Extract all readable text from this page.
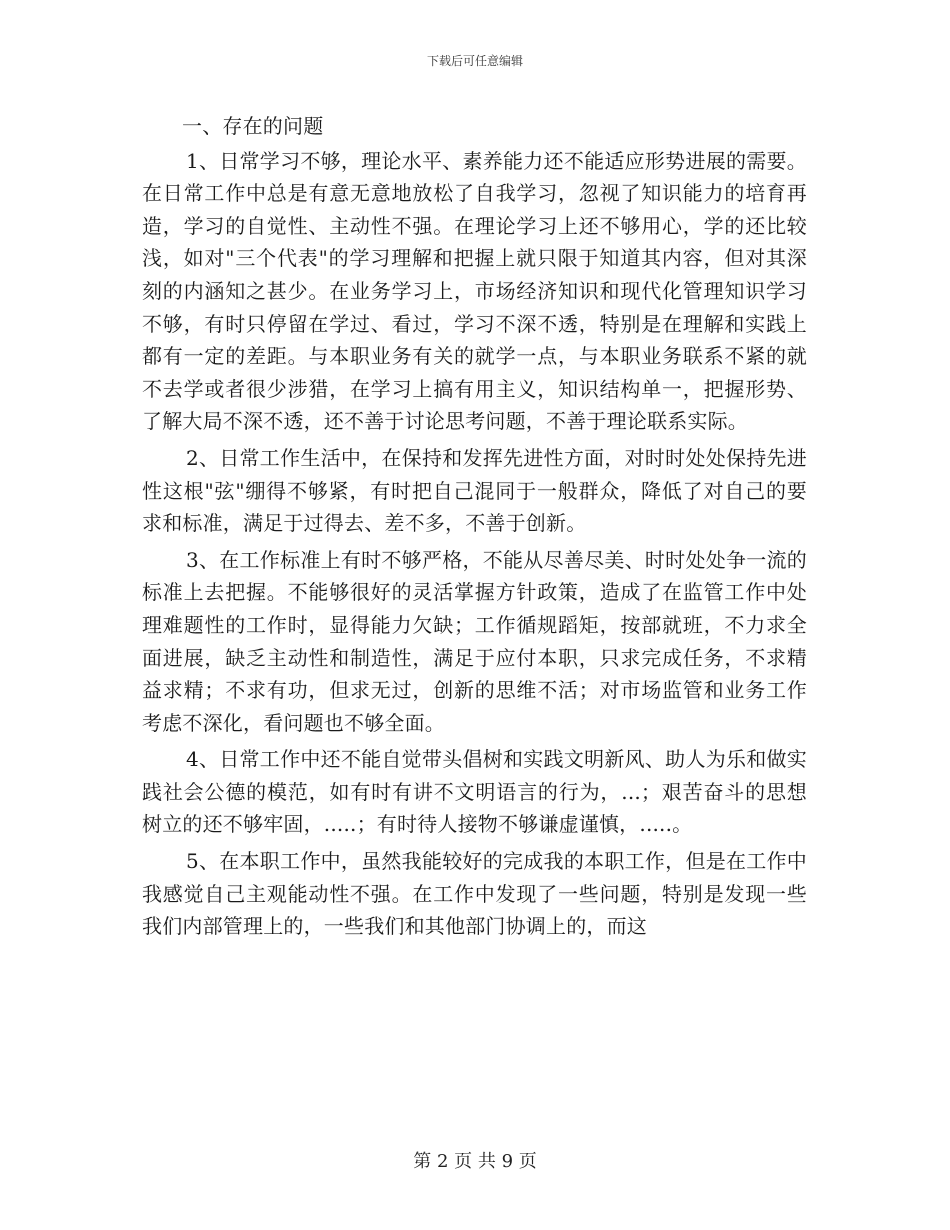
下载后可任意编辑

一、存在的问题

1、日常学习不够，理论水平、素养能力还不能适应形势进展的需要。在日常工作中总是有意无意地放松了自我学习，忽视了知识能力的培育再造，学习的自觉性、主动性不强。在理论学习上还不够用心，学的还比较浅，如对"三个代表"的学习理解和把握上就只限于知道其内容，但对其深刻的内涵知之甚少。在业务学习上，市场经济知识和现代化管理知识学习不够，有时只停留在学过、看过，学习不深不透，特别是在理解和实践上都有一定的差距。与本职业务有关的就学一点，与本职业务联系不紧的就不去学或者很少涉猎，在学习上搞有用主义，知识结构单一，把握形势、了解大局不深不透，还不善于讨论思考问题，不善于理论联系实际。

2、日常工作生活中，在保持和发挥先进性方面，对时时处处保持先进性这根"弦"绷得不够紧，有时把自己混同于一般群众，降低了对自己的要求和标准，满足于过得去、差不多，不善于创新。

3、在工作标准上有时不够严格，不能从尽善尽美、时时处处争一流的标准上去把握。不能够很好的灵活掌握方针政策，造成了在监管工作中处理难题性的工作时，显得能力欠缺；工作循规蹈矩，按部就班，不力求全面进展，缺乏主动性和制造性，满足于应付本职，只求完成任务，不求精益求精；不求有功，但求无过，创新的思维不活；对市场监管和业务工作考虑不深化，看问题也不够全面。

4、日常工作中还不能自觉带头倡树和实践文明新风、助人为乐和做实践社会公德的模范，如有时有讲不文明语言的行为，...；艰苦奋斗的思想树立的还不够牢固，.....；有时待人接物不够谦虚谨慎，.....。

5、在本职工作中，虽然我能较好的完成我的本职工作，但是在工作中我感觉自己主观能动性不强。在工作中发现了一些问题，特别是发现一些我们内部管理上的，一些我们和其他部门协调上的，而这

第 2 页 共 9 页
